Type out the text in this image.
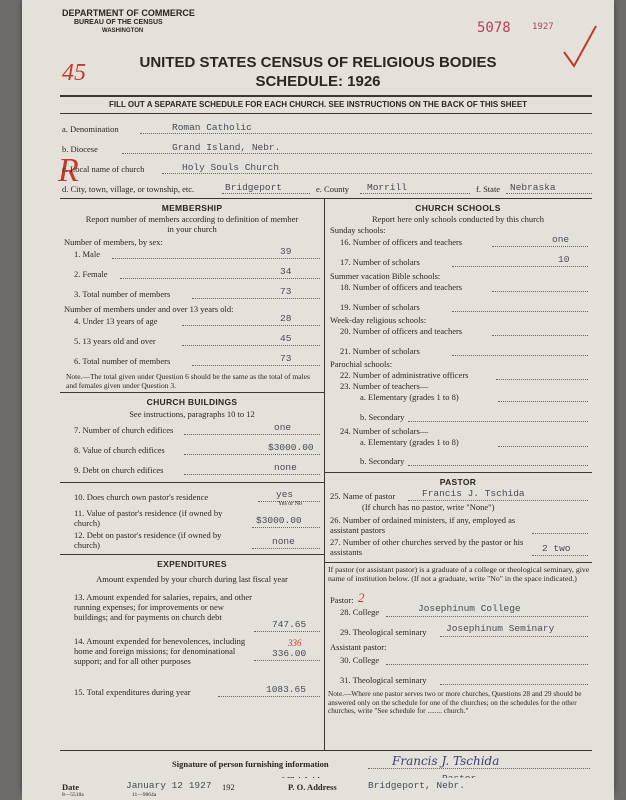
DEPARTMENT OF COMMERCE
BUREAU OF THE CENSUS
WASHINGTON	5078 1927
45
R
UNITED STATES CENSUS OF RELIGIOUS BODIES
SCHEDULE: 1926
FILL OUT A SEPARATE SCHEDULE FOR EACH CHURCH. SEE INSTRUCTIONS ON THE BACK OF THIS SHEET
a. Denomination	Roman Catholic
b. Diocese	Grand Island, Nebr.
c. Local name of church	Holy Souls Church
d. City, town, village, or township, etc.	Bridgeport	e. County Morrill	f. State Nebraska
MEMBERSHIP
Report number of members according to definition of member in your church
Number of members, by sex:
1. Male	39
2. Female	34
3. Total number of members	73
Number of members under and over 13 years old:
4. Under 13 years of age	28
5. 13 years old and over	45
6. Total number of members	73
Note.—The total given under Question 6 should be the same as the total of males and females given under Question 3.
CHURCH BUILDINGS
See instructions, paragraphs 10 to 12
7. Number of church edifices	one
8. Value of church edifices	$3000.00
9. Debt on church edifices	none
10. Does church own pastor's residence	yes
Yes or No
11. Value of pastor's residence (if owned by church)	$3000.00
12. Debt on pastor's residence (if owned by church)	none
EXPENDITURES
Amount expended by your church during last fiscal year
13. Amount expended for salaries, repairs, and other running expenses; for improvements or new buildings; and for payments on church debt
747.65
14. Amount expended for benevolences, including home and foreign missions; for denominational support; and for all other purposes
336
336.00
15. Total expenditures during year	1083.65
CHURCH SCHOOLS
Report here only schools conducted by this church
Sunday schools:
16. Number of officers and teachers	one
17. Number of scholars	10
Summer vacation Bible schools:
18. Number of officers and teachers
19. Number of scholars
Week-day religious schools:
20. Number of officers and teachers
21. Number of scholars
Parochial schools:
22. Number of administrative officers
23. Number of teachers—
a. Elementary (grades 1 to 8)
b. Secondary
24. Number of scholars—
a. Elementary (grades 1 to 8)
b. Secondary
PASTOR
25. Name of pastor	Francis J. Tschida
(If church has no pastor, write "None")
26. Number of ordained ministers, if any, employed as assistant pastors
27. Number of other churches served by the pastor or his assistants	2 two
If pastor (or assistant pastor) is a graduate of a college or theological seminary, give name of institution below. (If not a graduate, write "No" in the space indicated.)
Pastor: 2
28. College	Josephinum College
29. Theological seminary Josephinum Seminary
Assistant pastor:
30. College
31. Theological seminary
Note.—Where one pastor serves two or more churches, Questions 28 and 29 should be answered only on the schedule for one of the churches; on the schedules for the other churches, write "See schedule for ........ church."
Signature of person furnishing information	Francis J. Tschida
Date	January 12 1927 192	P. O. Address	Bridgeport, Nebr.
8—5518a	11—9864a
